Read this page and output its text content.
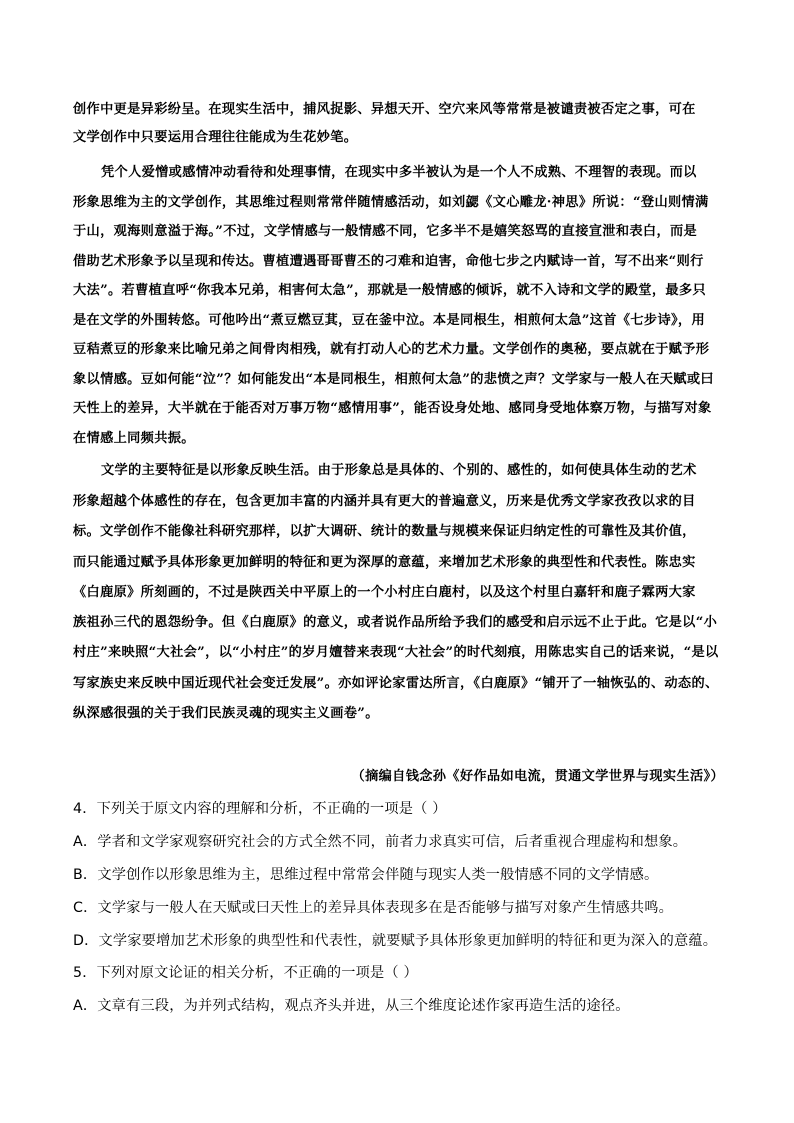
创作中更是异彩纷呈。在现实生活中，捕风捉影、异想天开、空穴来风等常常是被谴责被否定之事，可在
文学创作中只要运用合理往往能成为生花妙笔。
凭个人爱憎或感情冲动看待和处理事情，在现实中多半被认为是一个人不成熟、不理智的表现。而以
形象思维为主的文学创作，其思维过程则常常伴随情感活动，如刘勰《文心雕龙·神思》所说：“登山则情满
于山，观海则意溢于海。”不过，文学情感与一般情感不同，它多半不是嬉笑怒骂的直接宣泄和表白，而是
借助艺术形象予以呈现和传达。曹植遭遇哥哥曹丕的刁难和迫害，命他七步之内赋诗一首，写不出来“则行
大法”。若曹植直呼“你我本兄弟，相害何太急”，那就是一般情感的倾诉，就不入诗和文学的殿堂，最多只
是在文学的外围转悠。可他吟出“煮豆燃豆萁，豆在釜中泣。本是同根生，相煎何太急”这首《七步诗》，用
豆秸煮豆的形象来比喻兄弟之间骨肉相残，就有打动人心的艺术力量。文学创作的奥秘，要点就在于赋予形
象以情感。豆如何能“泣”？如何能发出“本是同根生，相煎何太急”的悲愤之声？文学家与一般人在天赋或曰
天性上的差异，大半就在于能否对万事万物“感情用事”，能否设身处地、感同身受地体察万物，与描写对象
在情感上同频共振。
文学的主要特征是以形象反映生活。由于形象总是具体的、个别的、感性的，如何使具体生动的艺术
形象超越个体感性的存在，包含更加丰富的内涵并具有更大的普遍意义，历来是优秀文学家孜孜以求的目
标。文学创作不能像社科研究那样，以扩大调研、统计的数量与规模来保证归纳定性的可靠性及其价值，
而只能通过赋予具体形象更加鲜明的特征和更为深厚的意蕴，来增加艺术形象的典型性和代表性。陈忠实
《白鹿原》所刻画的，不过是陕西关中平原上的一个小村庄白鹿村，以及这个村里白嘉轩和鹿子霖两大家
族祖孙三代的恩怨纷争。但《白鹿原》的意义，或者说作品所给予我们的感受和启示远不止于此。它是以“小
村庄”来映照“大社会”，以“小村庄”的岁月嬗替来表现“大社会”的时代刻痕，用陈忠实自己的话来说，“是以
写家族史来反映中国近现代社会变迁发展”。亦如评论家雷达所言，《白鹿原》“铺开了一轴恢弘的、动态的、
纵深感很强的关于我们民族灵魂的现实主义画卷”。
（摘编自钱念孙《好作品如电流，贯通文学世界与现实生活》）
4．下列关于原文内容的理解和分析，不正确的一项是（ ）
A．学者和文学家观察研究社会的方式全然不同，前者力求真实可信，后者重视合理虚构和想象。
B．文学创作以形象思维为主，思维过程中常常会伴随与现实人类一般情感不同的文学情感。
C．文学家与一般人在天赋或曰天性上的差异具体表现多在是否能够与描写对象产生情感共鸣。
D．文学家要增加艺术形象的典型性和代表性，就要赋予具体形象更加鲜明的特征和更为深入的意蕴。
5．下列对原文论证的相关分析，不正确的一项是（ ）
A．文章有三段，为并列式结构，观点齐头并进，从三个维度论述作家再造生活的途径。
